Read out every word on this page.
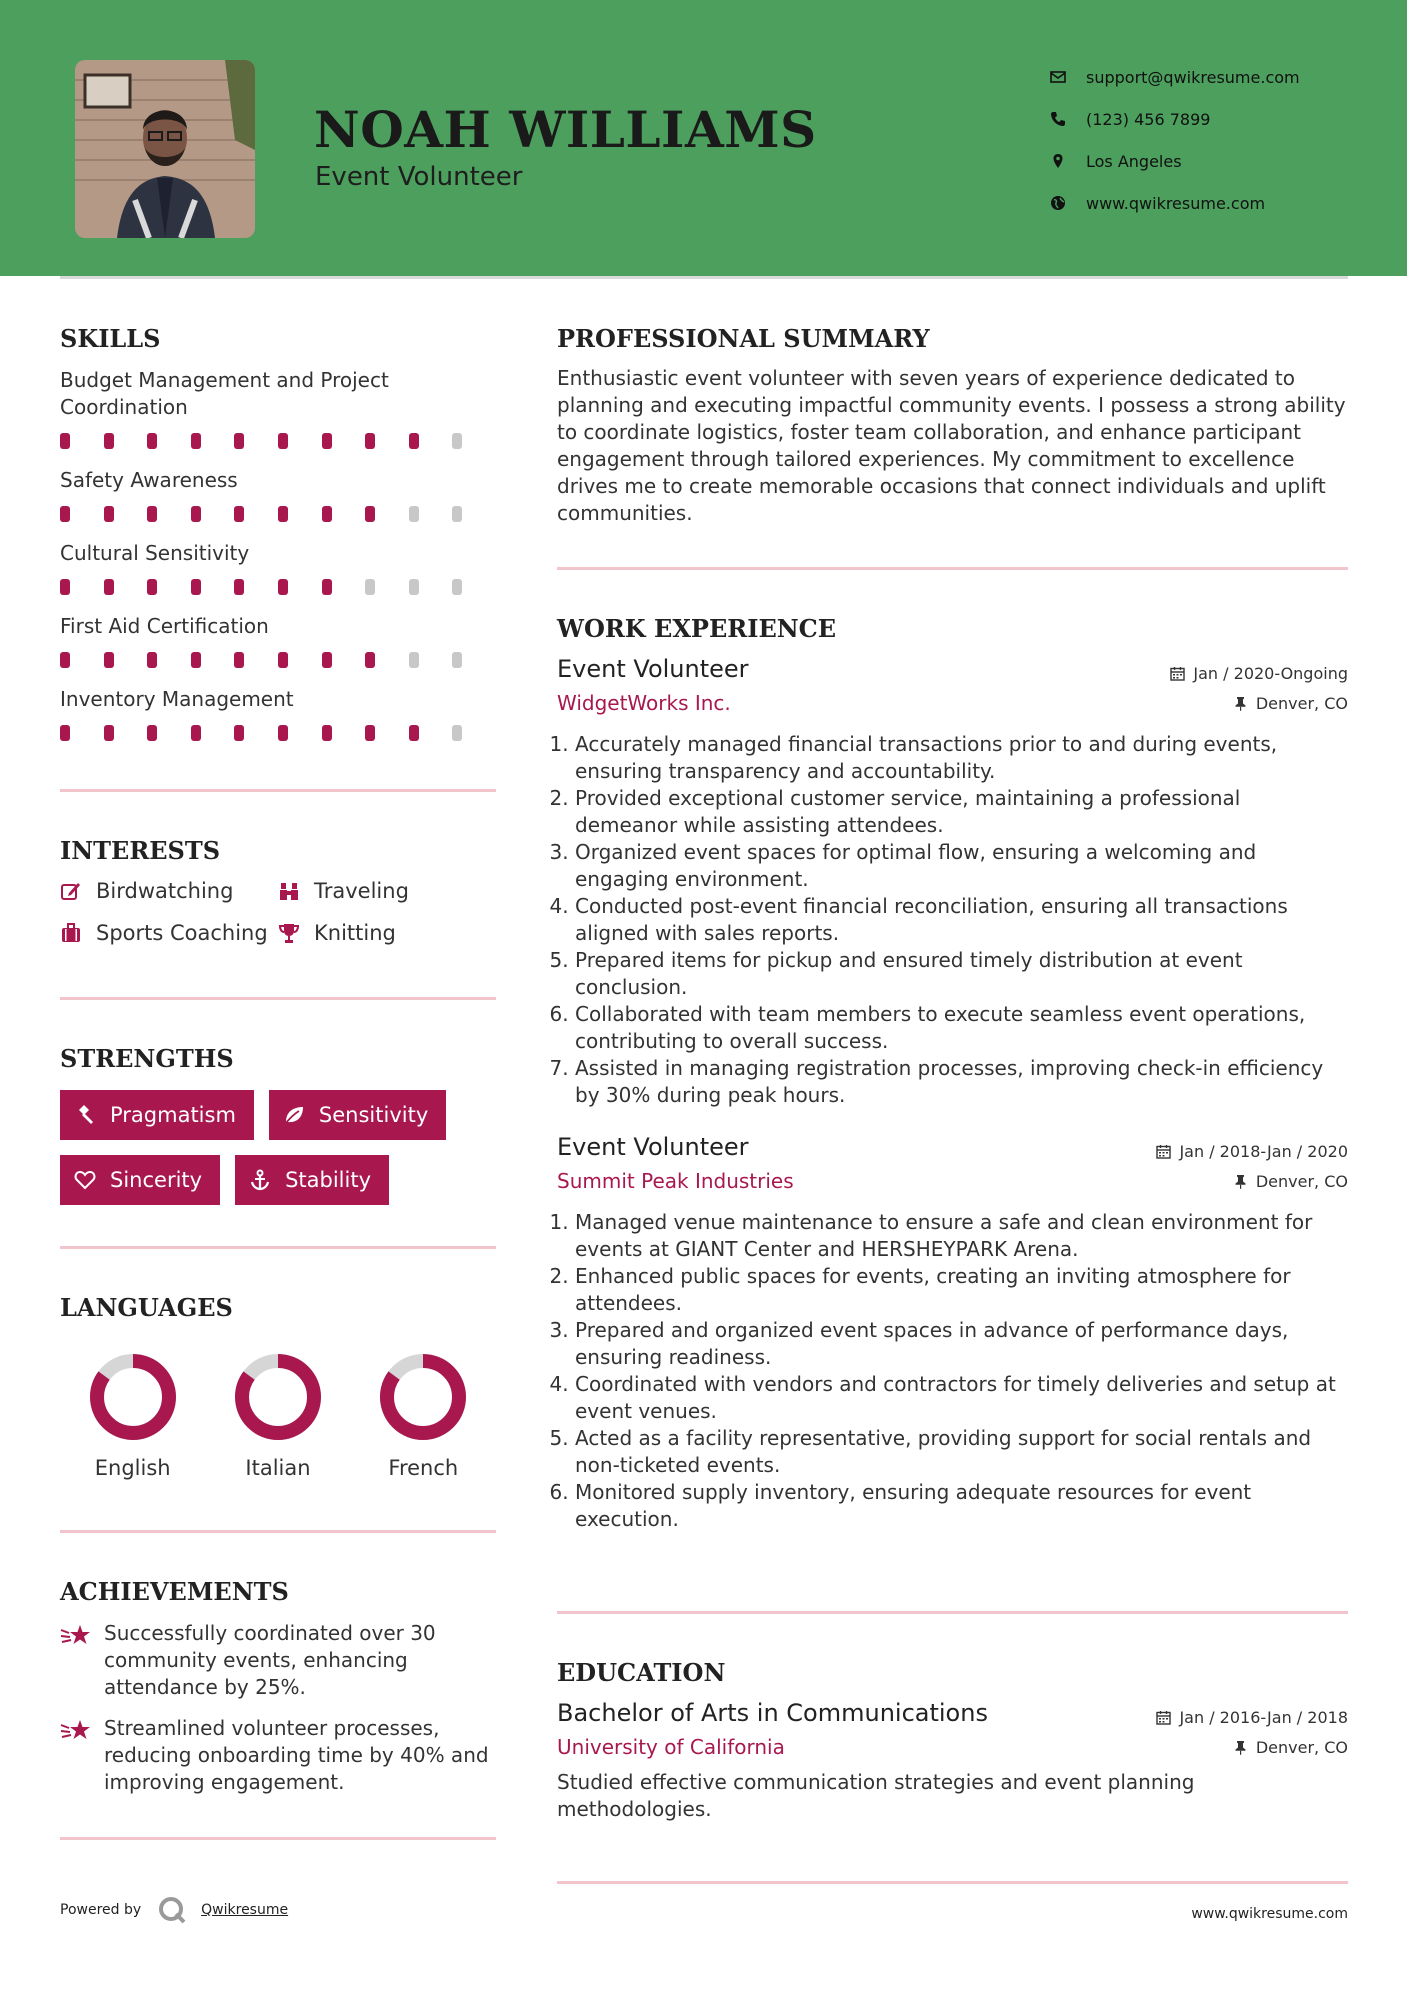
NOAH WILLIAMS
Event Volunteer
support@qwikresume.com
(123) 456 7899
Los Angeles
www.qwikresume.com
SKILLS
Budget Management and Project Coordination
Safety Awareness
Cultural Sensitivity
First Aid Certification
Inventory Management
INTERESTS
Birdwatching	Traveling
Sports Coaching Knitting
STRENGTHS
Pragmatism	Sensitivity
Sincerity	Stability
LANGUAGES
English	Italian	French
ACHIEVEMENTS
Successfully coordinated over 30 community events, enhancing attendance by 25%.
Streamlined volunteer processes, reducing onboarding time by 40% and improving engagement.
PROFESSIONAL SUMMARY
Enthusiastic event volunteer with seven years of experience dedicated to planning and executing impactful community events. I possess a strong ability to coordinate logistics, foster team collaboration, and enhance participant engagement through tailored experiences. My commitment to excellence drives me to create memorable occasions that connect individuals and uplift communities.
WORK EXPERIENCE
Event Volunteer	Jan / 2020-Ongoing
WidgetWorks Inc.	Denver, CO
1. Accurately managed financial transactions prior to and during events, ensuring transparency and accountability.
2. Provided exceptional customer service, maintaining a professional demeanor while assisting attendees.
3. Organized event spaces for optimal flow, ensuring a welcoming and engaging environment.
4. Conducted post-event financial reconciliation, ensuring all transactions aligned with sales reports.
5. Prepared items for pickup and ensured timely distribution at event conclusion.
6. Collaborated with team members to execute seamless event operations, contributing to overall success.
7. Assisted in managing registration processes, improving check-in efficiency by 30% during peak hours.
Event Volunteer	Jan / 2018-Jan / 2020
Summit Peak Industries	Denver, CO
1. Managed venue maintenance to ensure a safe and clean environment for events at GIANT Center and HERSHEYPARK Arena.
2. Enhanced public spaces for events, creating an inviting atmosphere for attendees.
3. Prepared and organized event spaces in advance of performance days, ensuring readiness.
4. Coordinated with vendors and contractors for timely deliveries and setup at event venues.
5. Acted as a facility representative, providing support for social rentals and non-ticketed events.
6. Monitored supply inventory, ensuring adequate resources for event execution.
EDUCATION
Bachelor of Arts in Communications	Jan / 2016-Jan / 2018
University of California	Denver, CO
Studied effective communication strategies and event planning methodologies.
Powered by	Qwikresume	www.qwikresume.com
